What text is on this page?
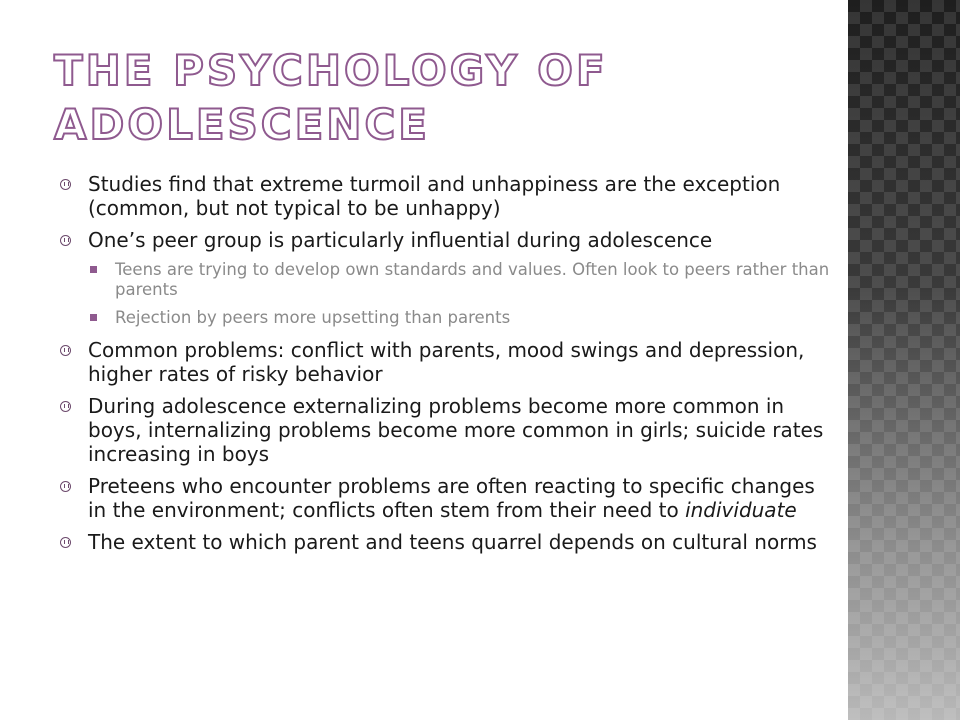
THE PSYCHOLOGY OF ADOLESCENCE
Studies find that extreme turmoil and unhappiness are the exception (common, but not typical to be unhappy)
One’s peer group is particularly influential during adolescence
Teens are trying to develop own standards and values. Often look to peers rather than parents
Rejection by peers more upsetting than parents
Common problems: conflict with parents, mood swings and depression, higher rates of risky behavior
During adolescence externalizing problems become more common in boys, internalizing problems become more common in girls; suicide rates increasing in boys
Preteens who encounter problems are often reacting to specific changes in the environment; conflicts often stem from their need to individuate
The extent to which parent and teens quarrel depends on cultural norms
